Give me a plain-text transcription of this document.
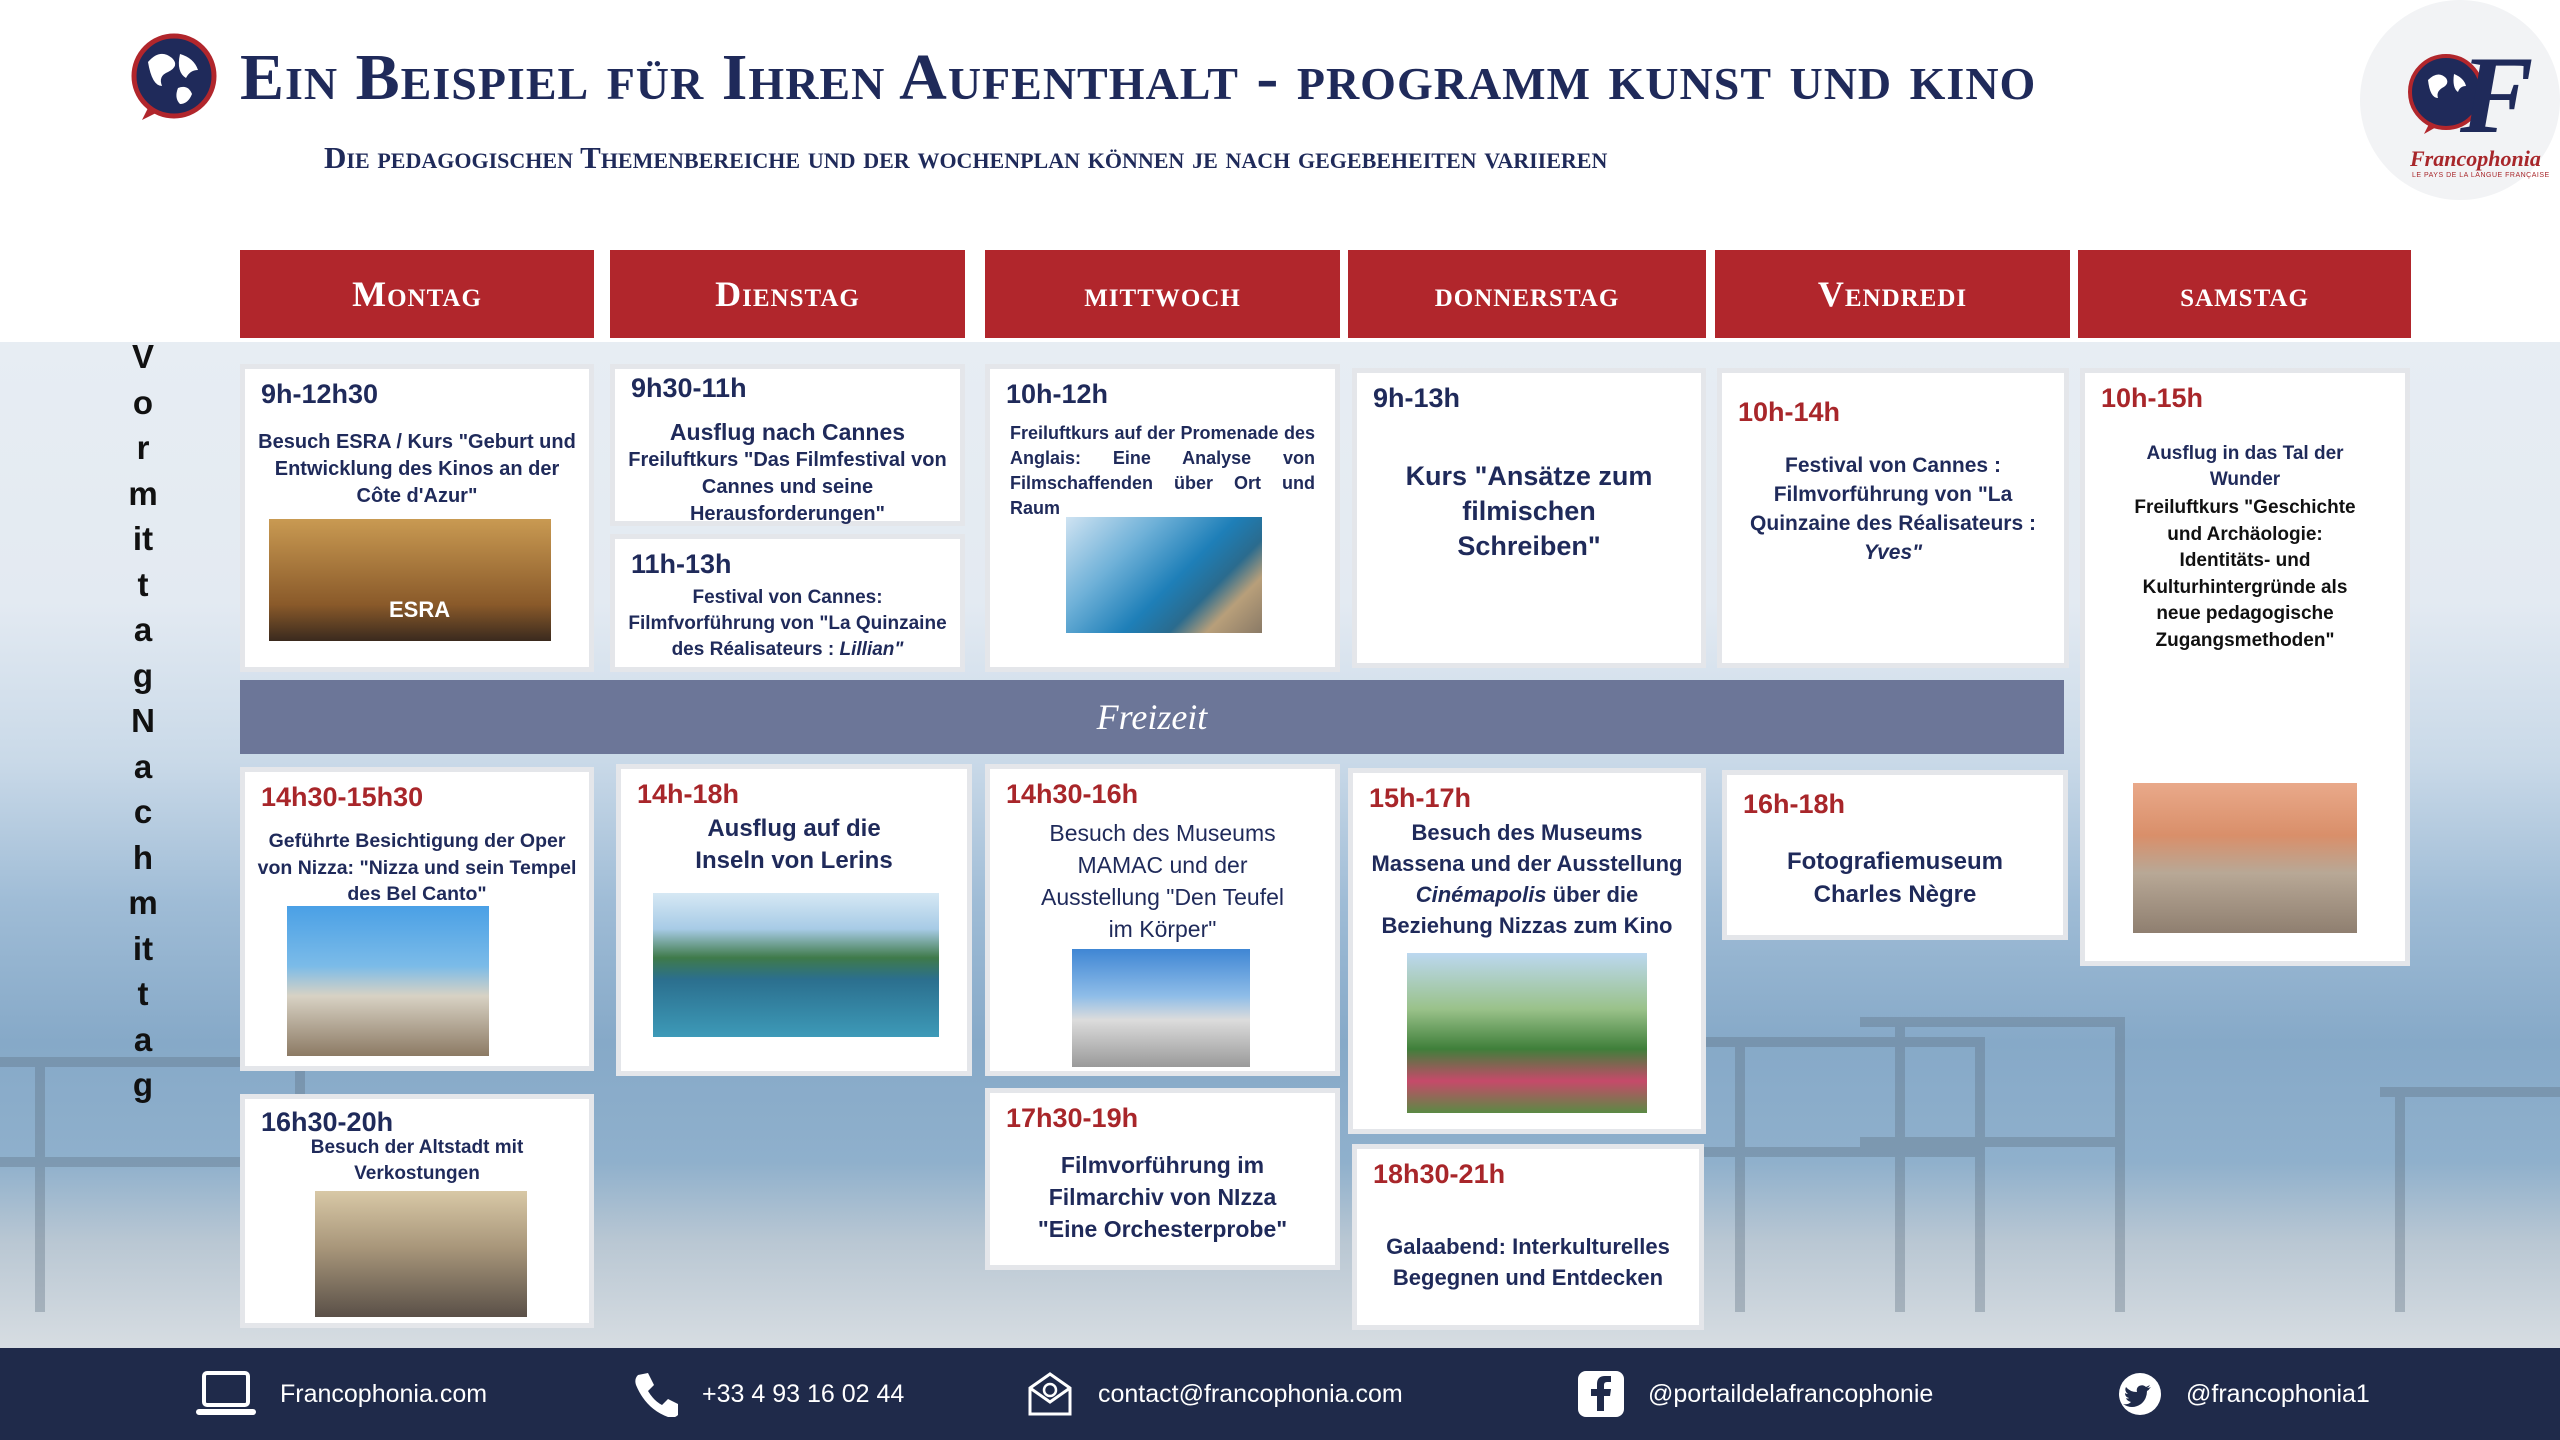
Ein Beispiel für Ihren Aufenthalt - programm kunst und kino
Die pedagogischen Themenbereiche und der wochenplan können je nach gegebeheiten variieren
F
Francophonia
LE PAYS DE LA LANGUE FRANÇAISE
Montag	Dienstag	mittwoch	donnerstag	Vendredi	samstag
V
o
r
m
it
t
a
g
N
a
c
h
m
it
t
a
g
9h-12h30
Besuch ESRA / Kurs "Geburt und Entwicklung des Kinos an der Côte d'Azur"
ESRA
9h30-11h
Ausflug nach Cannes
Freiluftkurs "Das Filmfestival von Cannes und seine Herausforderungen"
11h-13h
Festival von Cannes: Filmfvorführung von "La Quinzaine des Réalisateurs : Lillian"
10h-12h
Freiluftkurs auf der Promenade des Anglais: Eine Analyse von Filmschaffenden über Ort und Raum
9h-13h
Kurs "Ansätze zum filmischen Schreiben"
10h-14h
Festival von Cannes : Filmvorführung von "La Quinzaine des Réalisateurs : Yves"
10h-15h
Ausflug in das Tal der Wunder
Freiluftkurs "Geschichte und Archäologie: Identitäts- und Kulturhintergründe als neue pedagogische Zugangsmethoden"
Freizeit
14h30-15h30
Geführte Besichtigung der Oper von Nizza: "Nizza und sein Tempel des Bel Canto"
16h30-20h
Besuch der Altstadt mit Verkostungen
14h-18h
Ausflug auf die Inseln von Lerins
14h30-16h
Besuch des Museums MAMAC und der Ausstellung "Den Teufel im Körper"
17h30-19h
Filmvorführung im Filmarchiv von NIzza "Eine Orchesterprobe"
15h-17h
Besuch des Museums Massena und der Ausstellung Cinémapolis über die Beziehung Nizzas zum Kino
18h30-21h
Galaabend: Interkulturelles Begegnen und Entdecken
16h-18h
Fotografiemuseum Charles Nègre
Francophonia.com	+33 4 93 16 02 44	contact@francophonia.com	@portaildelafrancophonie	@francophonia1
